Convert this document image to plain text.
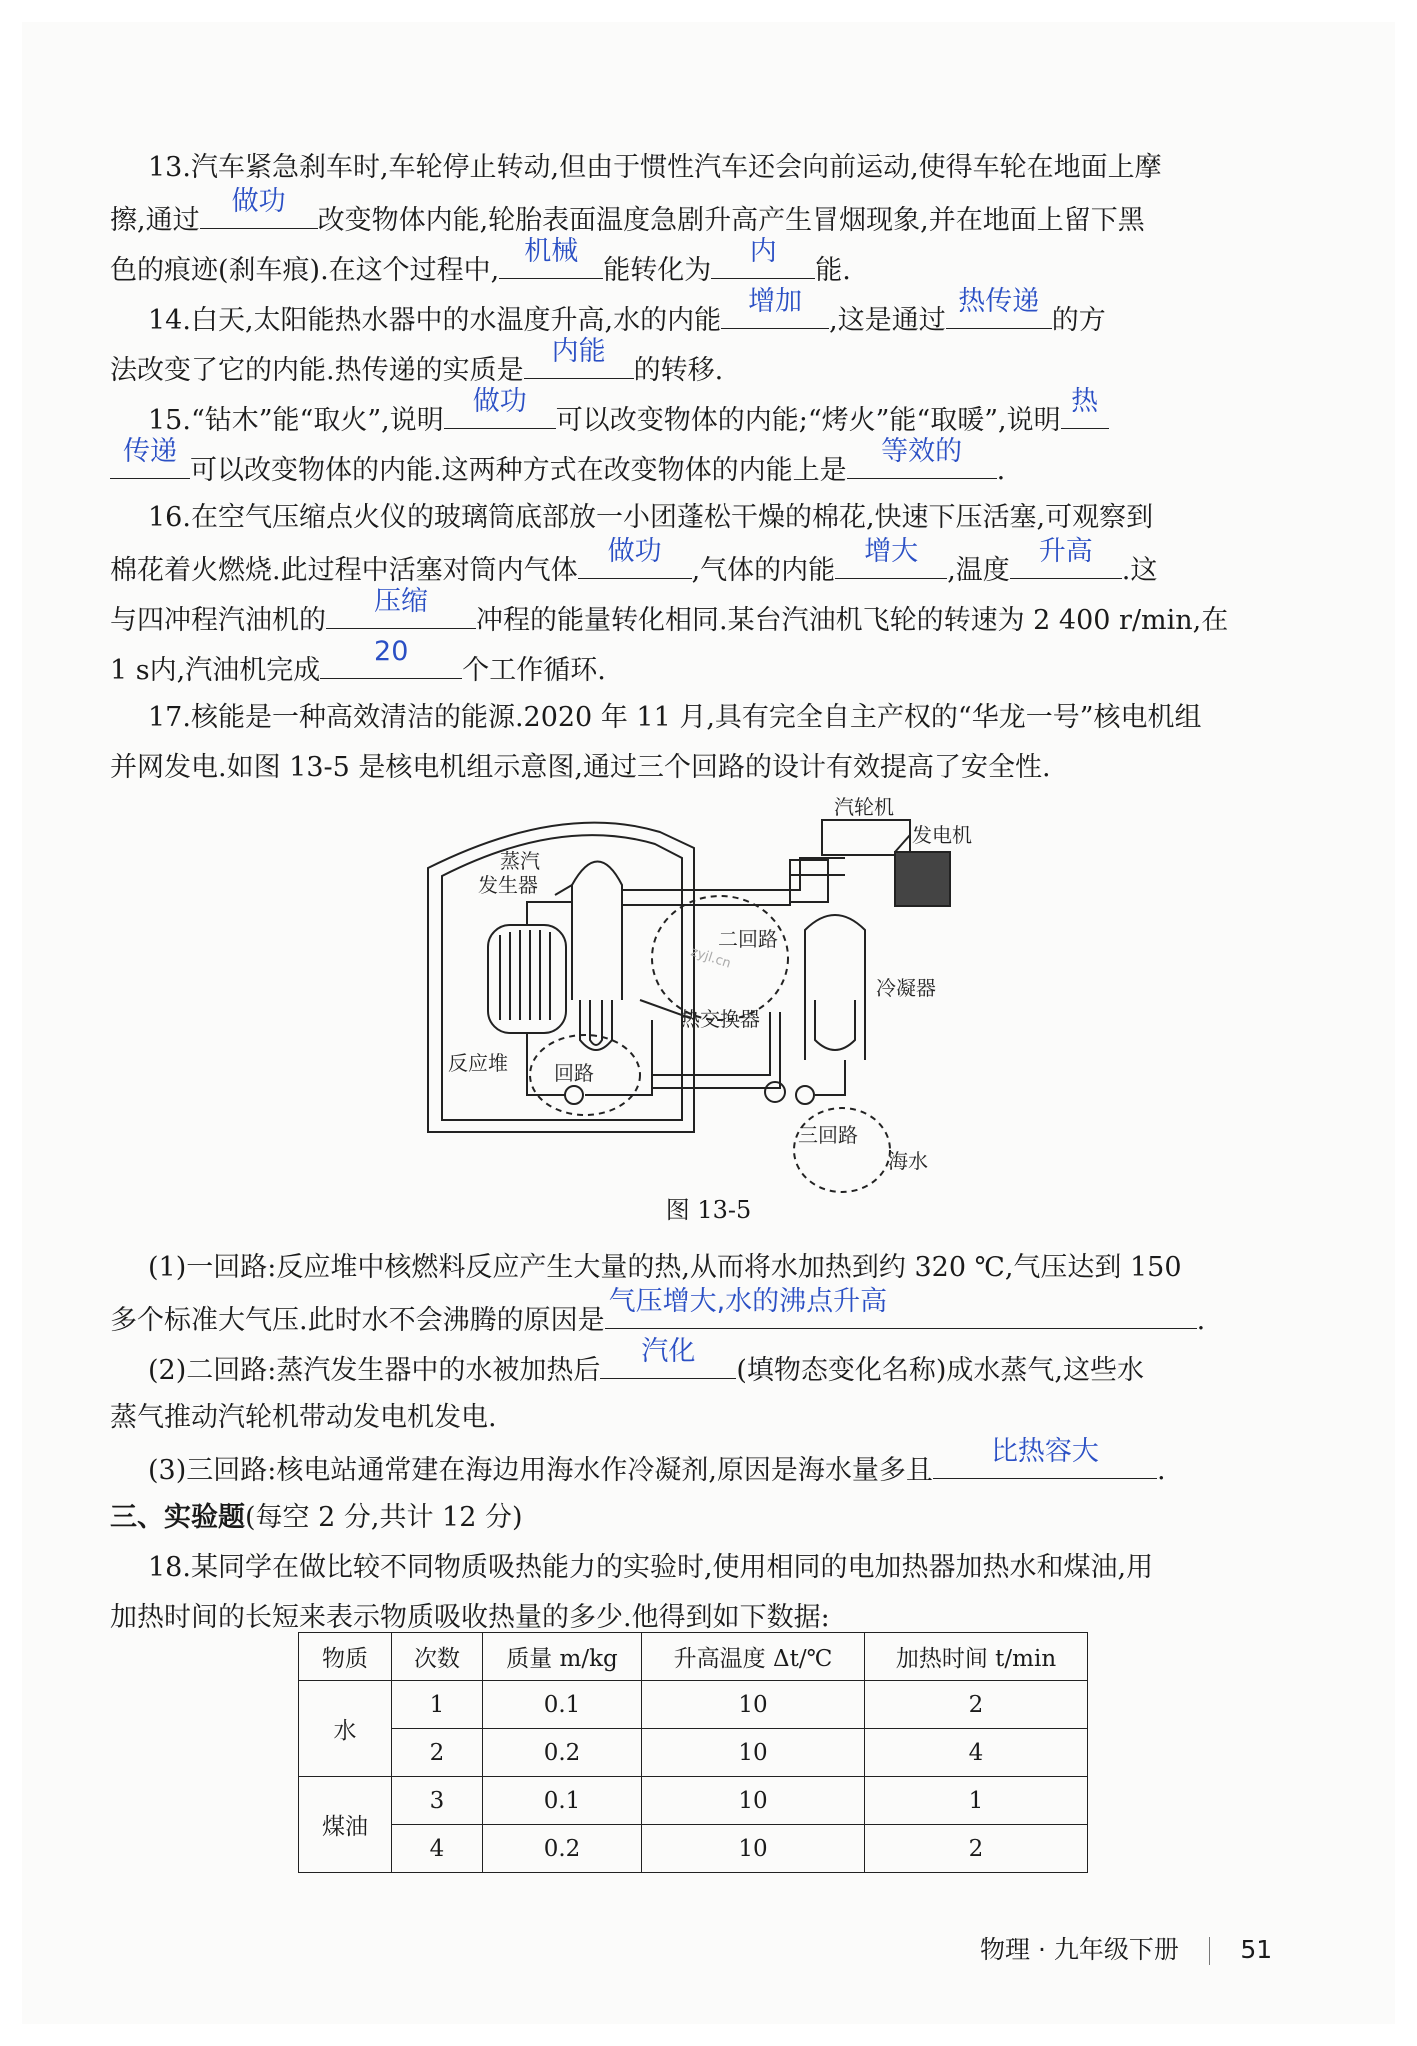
13.汽车紧急刹车时,车轮停止转动,但由于惯性汽车还会向前运动,使得车轮在地面上摩
擦,通过
做功
改变物体内能,轮胎表面温度急剧升高产生冒烟现象,并在地面上留下黑
色的痕迹(刹车痕).在这个过程中,
机械
能转化为
内
能.
14.白天,太阳能热水器中的水温度升高,水的内能
增加
,这是通过
热传递
的方
法改变了它的内能.热传递的实质是
内能
的转移.
15.“钻木”能“取火”,说明
做功
可以改变物体的内能;“烤火”能“取暖”,说明
热
传递
可以改变物体的内能.这两种方式在改变物体的内能上是
等效的
.
16.在空气压缩点火仪的玻璃筒底部放一小团蓬松干燥的棉花,快速下压活塞,可观察到
棉花着火燃烧.此过程中活塞对筒内气体
做功
,气体的内能
增大
,温度
升高
.这
与四冲程汽油机的
压缩
冲程的能量转化相同.某台汽油机飞轮的转速为 2 400 r/min,在
1 s内,汽油机完成
20
个工作循环.
17.核能是一种高效清洁的能源.2020 年 11 月,具有完全自主产权的“华龙一号”核电机组
并网发电.如图 13-5 是核电机组示意图,通过三个回路的设计有效提高了安全性.
蒸汽
发生器
汽轮机
发电机
二回路
冷凝器
热交换器
反应堆 回路
三回路
海水
zyjl.cn
图 13-5
(1)一回路:反应堆中核燃料反应产生大量的热,从而将水加热到约 320 ℃,气压达到 150
多个标准大气压.此时水不会沸腾的原因是
气压增大,水的沸点升高
.
(2)二回路:蒸汽发生器中的水被加热后
汽化
(填物态变化名称)成水蒸气,这些水
蒸气推动汽轮机带动发电机发电.
(3)三回路:核电站通常建在海边用海水作冷凝剂,原因是海水量多且
比热容大
.
三、实验题(每空 2 分,共计 12 分)
18.某同学在做比较不同物质吸热能力的实验时,使用相同的电加热器加热水和煤油,用
加热时间的长短来表示物质吸收热量的多少.他得到如下数据:
物质	次数	质量 m/kg	升高温度 Δt/℃	加热时间 t/min
水	1	0.1	10	2
	2	0.2	10	4
煤油	3	0.1	10	1
	4	0.2	10	2
物理 · 九年级下册 51
